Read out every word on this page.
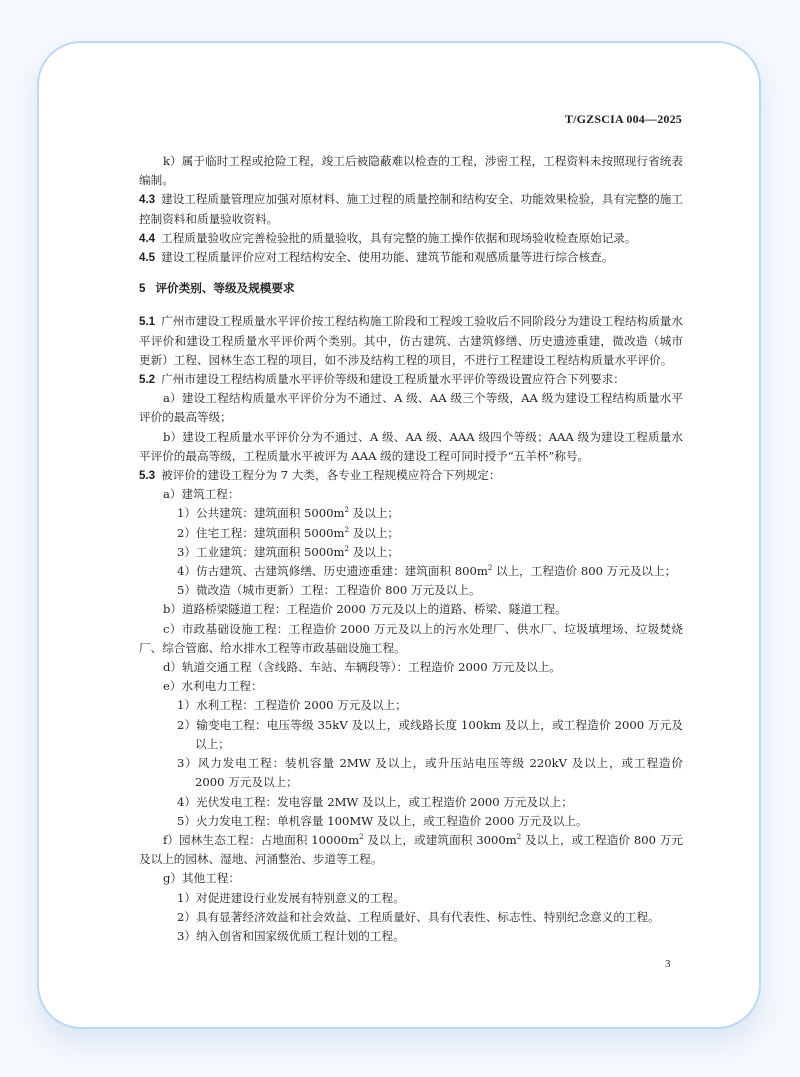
T/GZSCIA 004—2025

k）属于临时工程或抢险工程，竣工后被隐蔽难以检查的工程，涉密工程，工程资料未按照现行省统表编制。

4.3 建设工程质量管理应加强对原材料、施工过程的质量控制和结构安全、功能效果检验，具有完整的施工控制资料和质量验收资料。

4.4 工程质量验收应完善检验批的质量验收，具有完整的施工操作依据和现场验收检查原始记录。

4.5 建设工程质量评价应对工程结构安全、使用功能、建筑节能和观感质量等进行综合核查。

5 评价类别、等级及规模要求

5.1 广州市建设工程质量水平评价按工程结构施工阶段和工程竣工验收后不同阶段分为建设工程结构质量水平评价和建设工程质量水平评价两个类别。其中，仿古建筑、古建筑修缮、历史遗迹重建，微改造（城市更新）工程、园林生态工程的项目，如不涉及结构工程的项目，不进行工程建设工程结构质量水平评价。

5.2 广州市建设工程结构质量水平评价等级和建设工程质量水平评价等级设置应符合下列要求：

a）建设工程结构质量水平评价分为不通过、A 级、AA 级三个等级，AA 级为建设工程结构质量水平评价的最高等级；

b）建设工程质量水平评价分为不通过、A 级、AA 级、AAA 级四个等级；AAA 级为建设工程质量水平评价的最高等级，工程质量水平被评为 AAA 级的建设工程可同时授予“五羊杯”称号。

5.3 被评价的建设工程分为 7 大类，各专业工程规模应符合下列规定：

a）建筑工程：

1）公共建筑：建筑面积 $5000m^2$ 及以上；

2）住宅工程：建筑面积 $5000m^2$ 及以上；

3）工业建筑：建筑面积 $5000m^2$ 及以上；

4）仿古建筑、古建筑修缮、历史遗迹重建：建筑面积 $800m^2$ 以上，工程造价 800 万元及以上；

5）微改造（城市更新）工程：工程造价 800 万元及以上。

b）道路桥梁隧道工程：工程造价 2000 万元及以上的道路、桥梁、隧道工程。

c）市政基础设施工程：工程造价 2000 万元及以上的污水处理厂、供水厂、垃圾填埋场、垃圾焚烧厂、综合管廊、给水排水工程等市政基础设施工程。

d）轨道交通工程（含线路、车站、车辆段等）：工程造价 2000 万元及以上。

e）水利电力工程：

1）水利工程：工程造价 2000 万元及以上；

2）输变电工程：电压等级 35kV 及以上，或线路长度 100km 及以上，或工程造价 2000 万元及以上；

3）风力发电工程：装机容量 2MW 及以上，或升压站电压等级 220kV 及以上，或工程造价 2000 万元及以上；

4）光伏发电工程：发电容量 2MW 及以上，或工程造价 2000 万元及以上；

5）火力发电工程：单机容量 100MW 及以上，或工程造价 2000 万元及以上。

f）园林生态工程：占地面积 $10000m^2$ 及以上，或建筑面积 $3000m^2$ 及以上，或工程造价 800 万元及以上的园林、湿地、河涌整治、步道等工程。

g）其他工程：

1）对促进建设行业发展有特别意义的工程。

2）具有显著经济效益和社会效益、工程质量好、具有代表性、标志性、特别纪念意义的工程。

3）纳入创省和国家级优质工程计划的工程。

3
